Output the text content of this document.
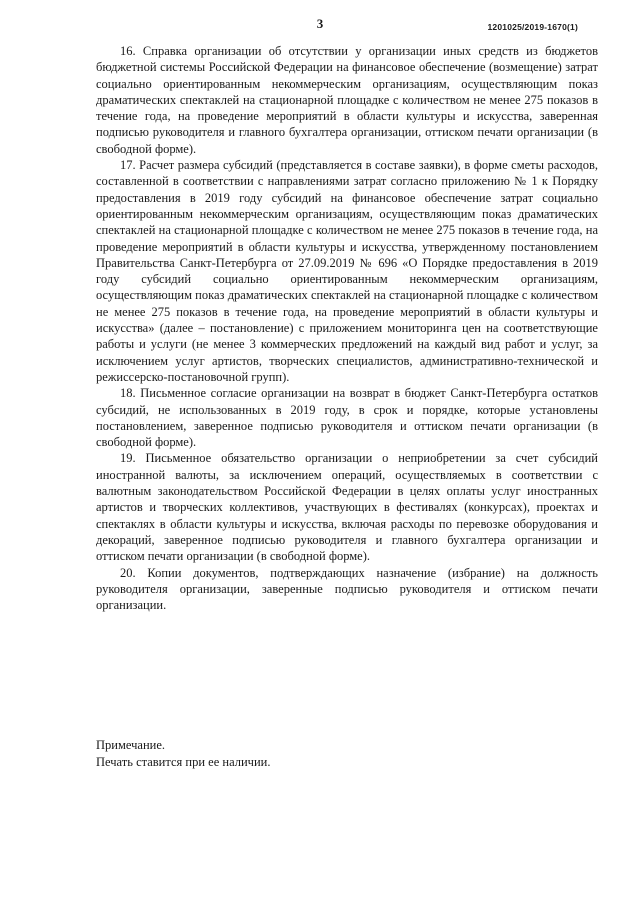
3	1201025/2019-1670(1)

16. Справка организации об отсутствии у организации иных средств из бюджетов бюджетной системы Российской Федерации на финансовое обеспечение (возмещение) затрат социально ориентированным некоммерческим организациям, осуществляющим показ драматических спектаклей на стационарной площадке с количеством не менее 275 показов в течение года, на проведение мероприятий в области культуры и искусства, заверенная подписью руководителя и главного бухгалтера организации, оттиском печати организации (в свободной форме).

17. Расчет размера субсидий (представляется в составе заявки), в форме сметы расходов, составленной в соответствии с направлениями затрат согласно приложению № 1 к Порядку предоставления в 2019 году субсидий на финансовое обеспечение затрат социально ориентированным некоммерческим организациям, осуществляющим показ драматических спектаклей на стационарной площадке с количеством не менее 275 показов в течение года, на проведение мероприятий в области культуры и искусства, утвержденному постановлением Правительства Санкт-Петербурга от 27.09.2019 № 696 «О Порядке предоставления в 2019 году субсидий социально ориентированным некоммерческим организациям, осуществляющим показ драматических спектаклей на стационарной площадке с количеством не менее 275 показов в течение года, на проведение мероприятий в области культуры и искусства» (далее – постановление) с приложением мониторинга цен на соответствующие работы и услуги (не менее 3 коммерческих предложений на каждый вид работ и услуг, за исключением услуг артистов, творческих специалистов, административно-технической и режиссерско-постановочной групп).

18. Письменное согласие организации на возврат в бюджет Санкт-Петербурга остатков субсидий, не использованных в 2019 году, в срок и порядке, которые установлены постановлением, заверенное подписью руководителя и оттиском печати организации (в свободной форме).

19. Письменное обязательство организации о неприобретении за счет субсидий иностранной валюты, за исключением операций, осуществляемых в соответствии с валютным законодательством Российской Федерации в целях оплаты услуг иностранных артистов и творческих коллективов, участвующих в фестивалях (конкурсах), проектах и спектаклях в области культуры и искусства, включая расходы по перевозке оборудования и декораций, заверенное подписью руководителя и главного бухгалтера организации и оттиском печати организации (в свободной форме).

20. Копии документов, подтверждающих назначение (избрание) на должность руководителя организации, заверенные подписью руководителя и оттиском печати организации.

Примечание.
Печать ставится при ее наличии.
